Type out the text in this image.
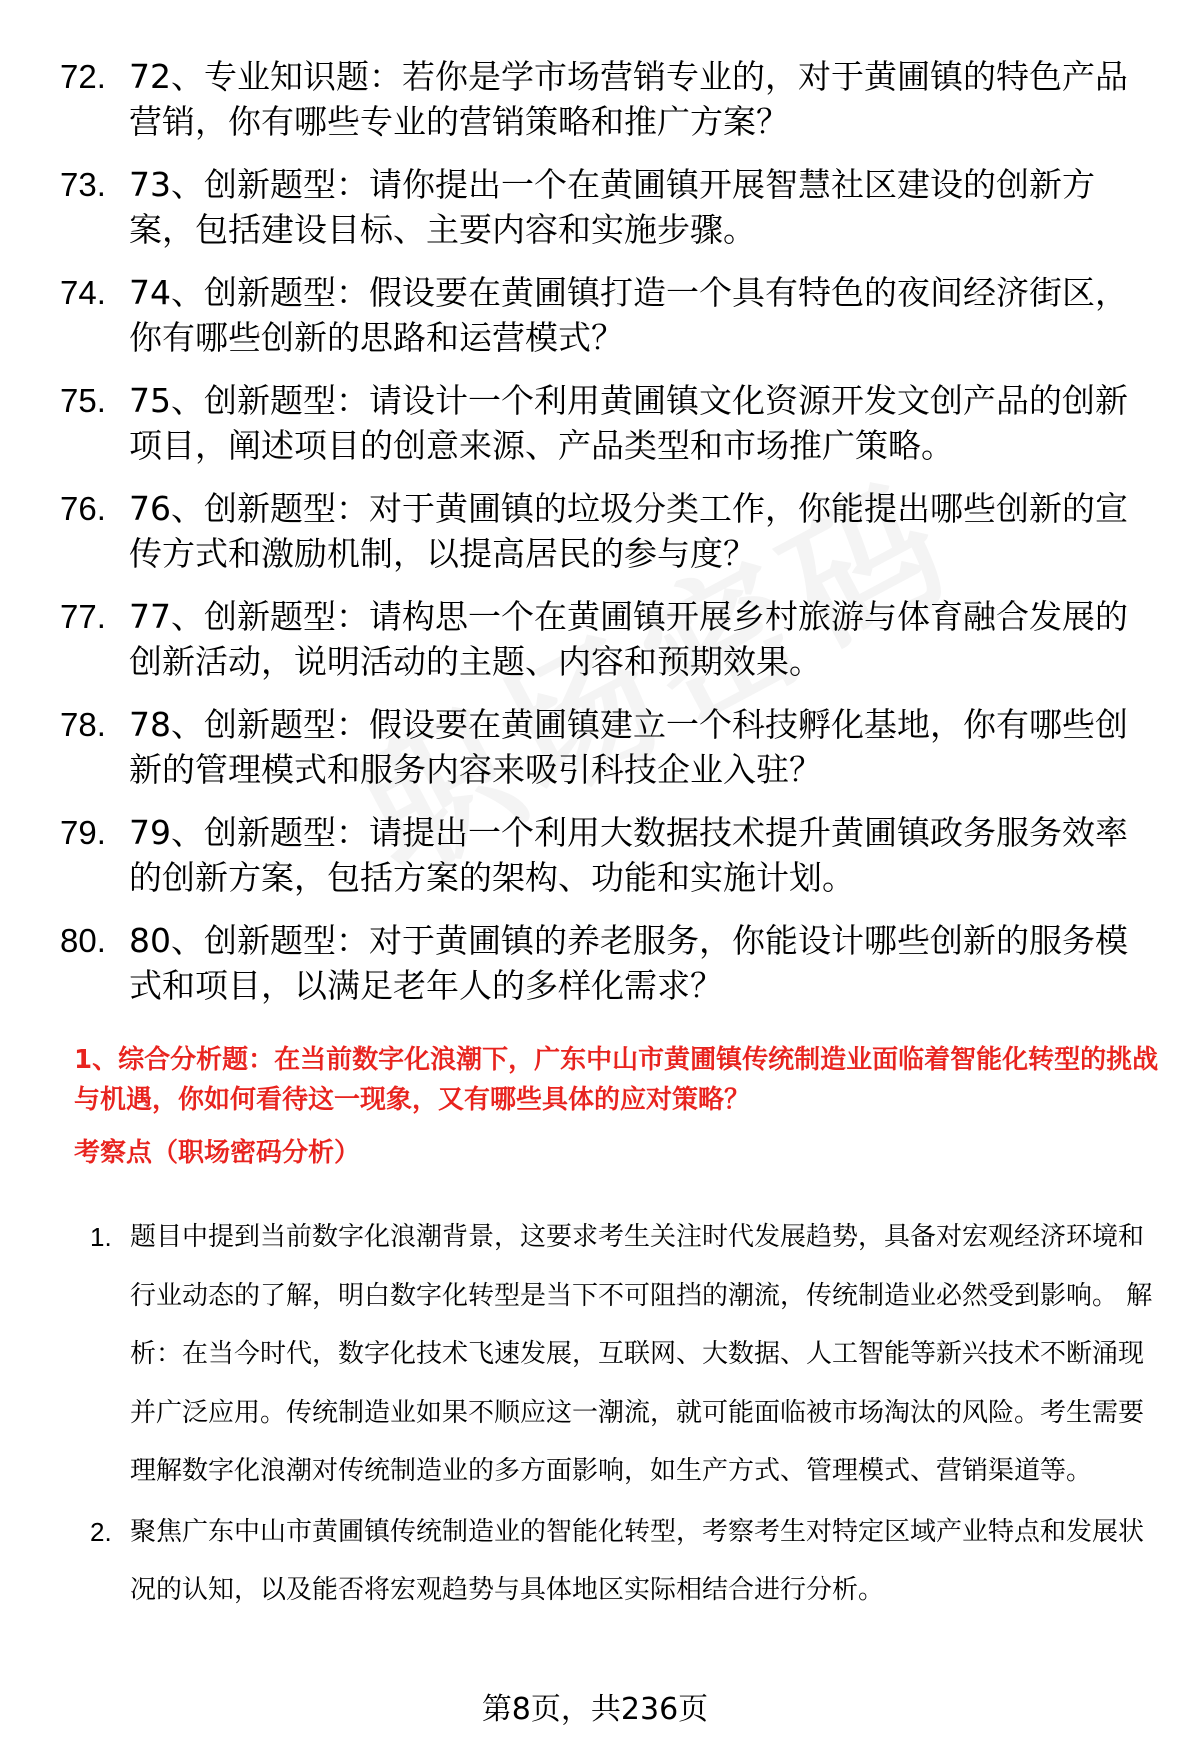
72. 72、专业知识题：若你是学市场营销专业的，对于黄圃镇的特色产品营销，你有哪些专业的营销策略和推广方案？
73. 73、创新题型：请你提出一个在黄圃镇开展智慧社区建设的创新方案，包括建设目标、主要内容和实施步骤。
74. 74、创新题型：假设要在黄圃镇打造一个具有特色的夜间经济街区，你有哪些创新的思路和运营模式？
75. 75、创新题型：请设计一个利用黄圃镇文化资源开发文创产品的创新项目，阐述项目的创意来源、产品类型和市场推广策略。
76. 76、创新题型：对于黄圃镇的垃圾分类工作，你能提出哪些创新的宣传方式和激励机制，以提高居民的参与度？
77. 77、创新题型：请构思一个在黄圃镇开展乡村旅游与体育融合发展的创新活动，说明活动的主题、内容和预期效果。
78. 78、创新题型：假设要在黄圃镇建立一个科技孵化基地，你有哪些创新的管理模式和服务内容来吸引科技企业入驻？
79. 79、创新题型：请提出一个利用大数据技术提升黄圃镇政务服务效率的创新方案，包括方案的架构、功能和实施计划。
80. 80、创新题型：对于黄圃镇的养老服务，你能设计哪些创新的服务模式和项目，以满足老年人的多样化需求？

1、综合分析题：在当前数字化浪潮下，广东中山市黄圃镇传统制造业面临着智能化转型的挑战与机遇，你如何看待这一现象，又有哪些具体的应对策略？

考察点（职场密码分析）

1. 题目中提到当前数字化浪潮背景，这要求考生关注时代发展趋势，具备对宏观经济环境和行业动态的了解，明白数字化转型是当下不可阻挡的潮流，传统制造业必然受到影响。 解析：在当今时代，数字化技术飞速发展，互联网、大数据、人工智能等新兴技术不断涌现并广泛应用。传统制造业如果不顺应这一潮流，就可能面临被市场淘汰的风险。考生需要理解数字化浪潮对传统制造业的多方面影响，如生产方式、管理模式、营销渠道等。
2. 聚焦广东中山市黄圃镇传统制造业的智能化转型，考察考生对特定区域产业特点和发展状况的认知，以及能否将宏观趋势与具体地区实际相结合进行分析。
第8页，共236页
